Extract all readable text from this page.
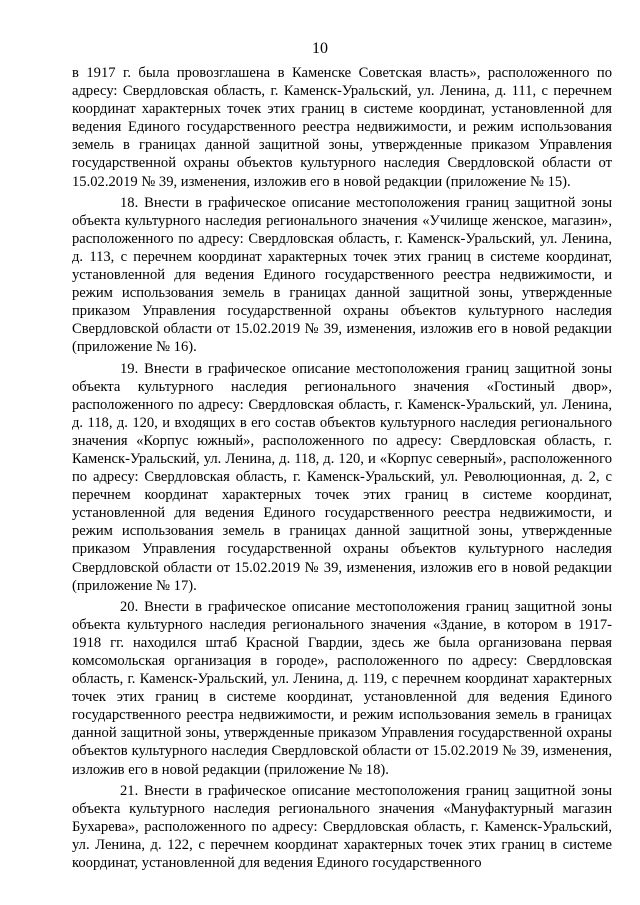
10

в 1917 г. была провозглашена в Каменске Советская власть», расположенного по адресу: Свердловская область, г. Каменск-Уральский, ул. Ленина, д. 111, с перечнем координат характерных точек этих границ в системе координат, установленной для ведения Единого государственного реестра недвижимости, и режим использования земель в границах данной защитной зоны, утвержденные приказом Управления государственной охраны объектов культурного наследия Свердловской области от 15.02.2019 № 39, изменения, изложив его в новой редакции (приложение № 15).

18. Внести в графическое описание местоположения границ защитной зоны объекта культурного наследия регионального значения «Училище женское, магазин», расположенного по адресу: Свердловская область, г. Каменск-Уральский, ул. Ленина, д. 113, с перечнем координат характерных точек этих границ в системе координат, установленной для ведения Единого государственного реестра недвижимости, и режим использования земель в границах данной защитной зоны, утвержденные приказом Управления государственной охраны объектов культурного наследия Свердловской области от 15.02.2019 № 39, изменения, изложив его в новой редакции (приложение № 16).

19. Внести в графическое описание местоположения границ защитной зоны объекта культурного наследия регионального значения «Гостиный двор», расположенного по адресу: Свердловская область, г. Каменск-Уральский, ул. Ленина, д. 118, д. 120, и входящих в его состав объектов культурного наследия регионального значения «Корпус южный», расположенного по адресу: Свердловская область, г. Каменск-Уральский, ул. Ленина, д. 118, д. 120, и «Корпус северный», расположенного по адресу: Свердловская область, г. Каменск-Уральский, ул. Революционная, д. 2, с перечнем координат характерных точек этих границ в системе координат, установленной для ведения Единого государственного реестра недвижимости, и режим использования земель в границах данной защитной зоны, утвержденные приказом Управления государственной охраны объектов культурного наследия Свердловской области от 15.02.2019 № 39, изменения, изложив его в новой редакции (приложение № 17).

20. Внести в графическое описание местоположения границ защитной зоны объекта культурного наследия регионального значения «Здание, в котором в 1917-1918 гг. находился штаб Красной Гвардии, здесь же была организована первая комсомольская организация в городе», расположенного по адресу: Свердловская область, г. Каменск-Уральский, ул. Ленина, д. 119, с перечнем координат характерных точек этих границ в системе координат, установленной для ведения Единого государственного реестра недвижимости, и режим использования земель в границах данной защитной зоны, утвержденные приказом Управления государственной охраны объектов культурного наследия Свердловской области от 15.02.2019 № 39, изменения, изложив его в новой редакции (приложение № 18).

21. Внести в графическое описание местоположения границ защитной зоны объекта культурного наследия регионального значения «Мануфактурный магазин Бухарева», расположенного по адресу: Свердловская область, г. Каменск-Уральский, ул. Ленина, д. 122, с перечнем координат характерных точек этих границ в системе координат, установленной для ведения Единого государственного
